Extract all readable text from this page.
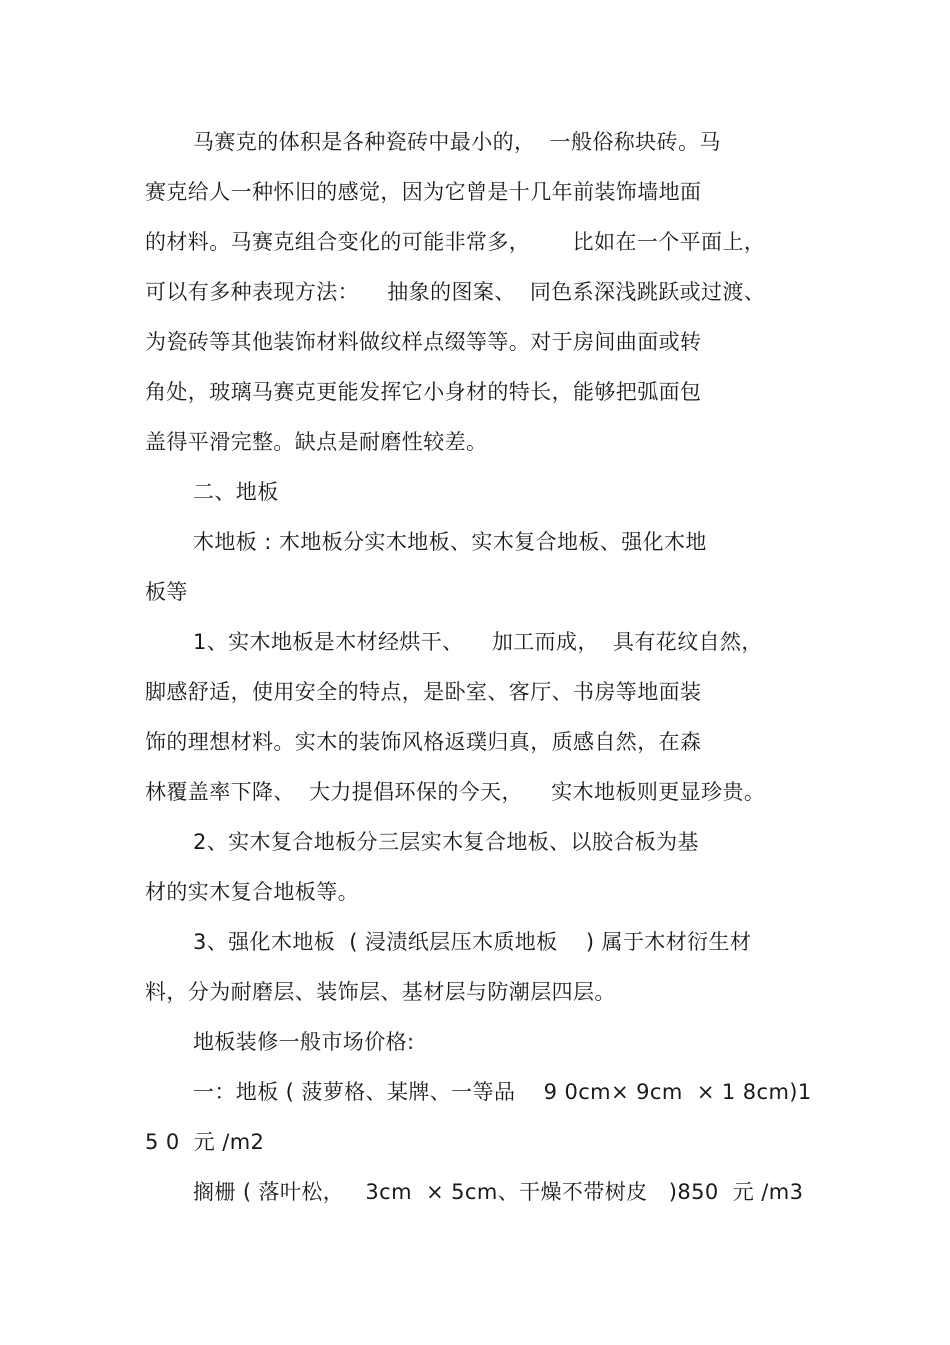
马赛克的体积是各种瓷砖中最小的，  一般俗称块砖。马
赛克给人一种怀旧的感觉，因为它曾是十几年前装饰墙地面
的材料。马赛克组合变化的可能非常多，      比如在一个平面上，
可以有多种表现方法：    抽象的图案、  同色系深浅跳跃或过渡、
为瓷砖等其他装饰材料做纹样点缀等等。对于房间曲面或转
角处，玻璃马赛克更能发挥它小身材的特长，能够把弧面包
盖得平滑完整。缺点是耐磨性较差。
二、地板
木地板 : 木地板分实木地板、实木复合地板、强化木地
板等
1、实木地板是木材经烘干、    加工而成，  具有花纹自然，
脚感舒适，使用安全的特点，是卧室、客厅、书房等地面装
饰的理想材料。实木的装饰风格返璞归真，质感自然，在森
林覆盖率下降、  大力提倡环保的今天，    实木地板则更显珍贵。
2、实木复合地板分三层实木复合地板、以胶合板为基
材的实木复合地板等。
3、强化木地板  ( 浸渍纸层压木质地板    ) 属于木材衍生材
料，分为耐磨层、装饰层、基材层与防潮层四层。
地板装修一般市场价格:
一：地板 ( 菠萝格、某牌、一等品    9 0cm× 9cm  × 1 8cm)1
5 0  元 /m2
搁栅 ( 落叶松，   3cm  × 5cm、干燥不带树皮   )850  元 /m3
